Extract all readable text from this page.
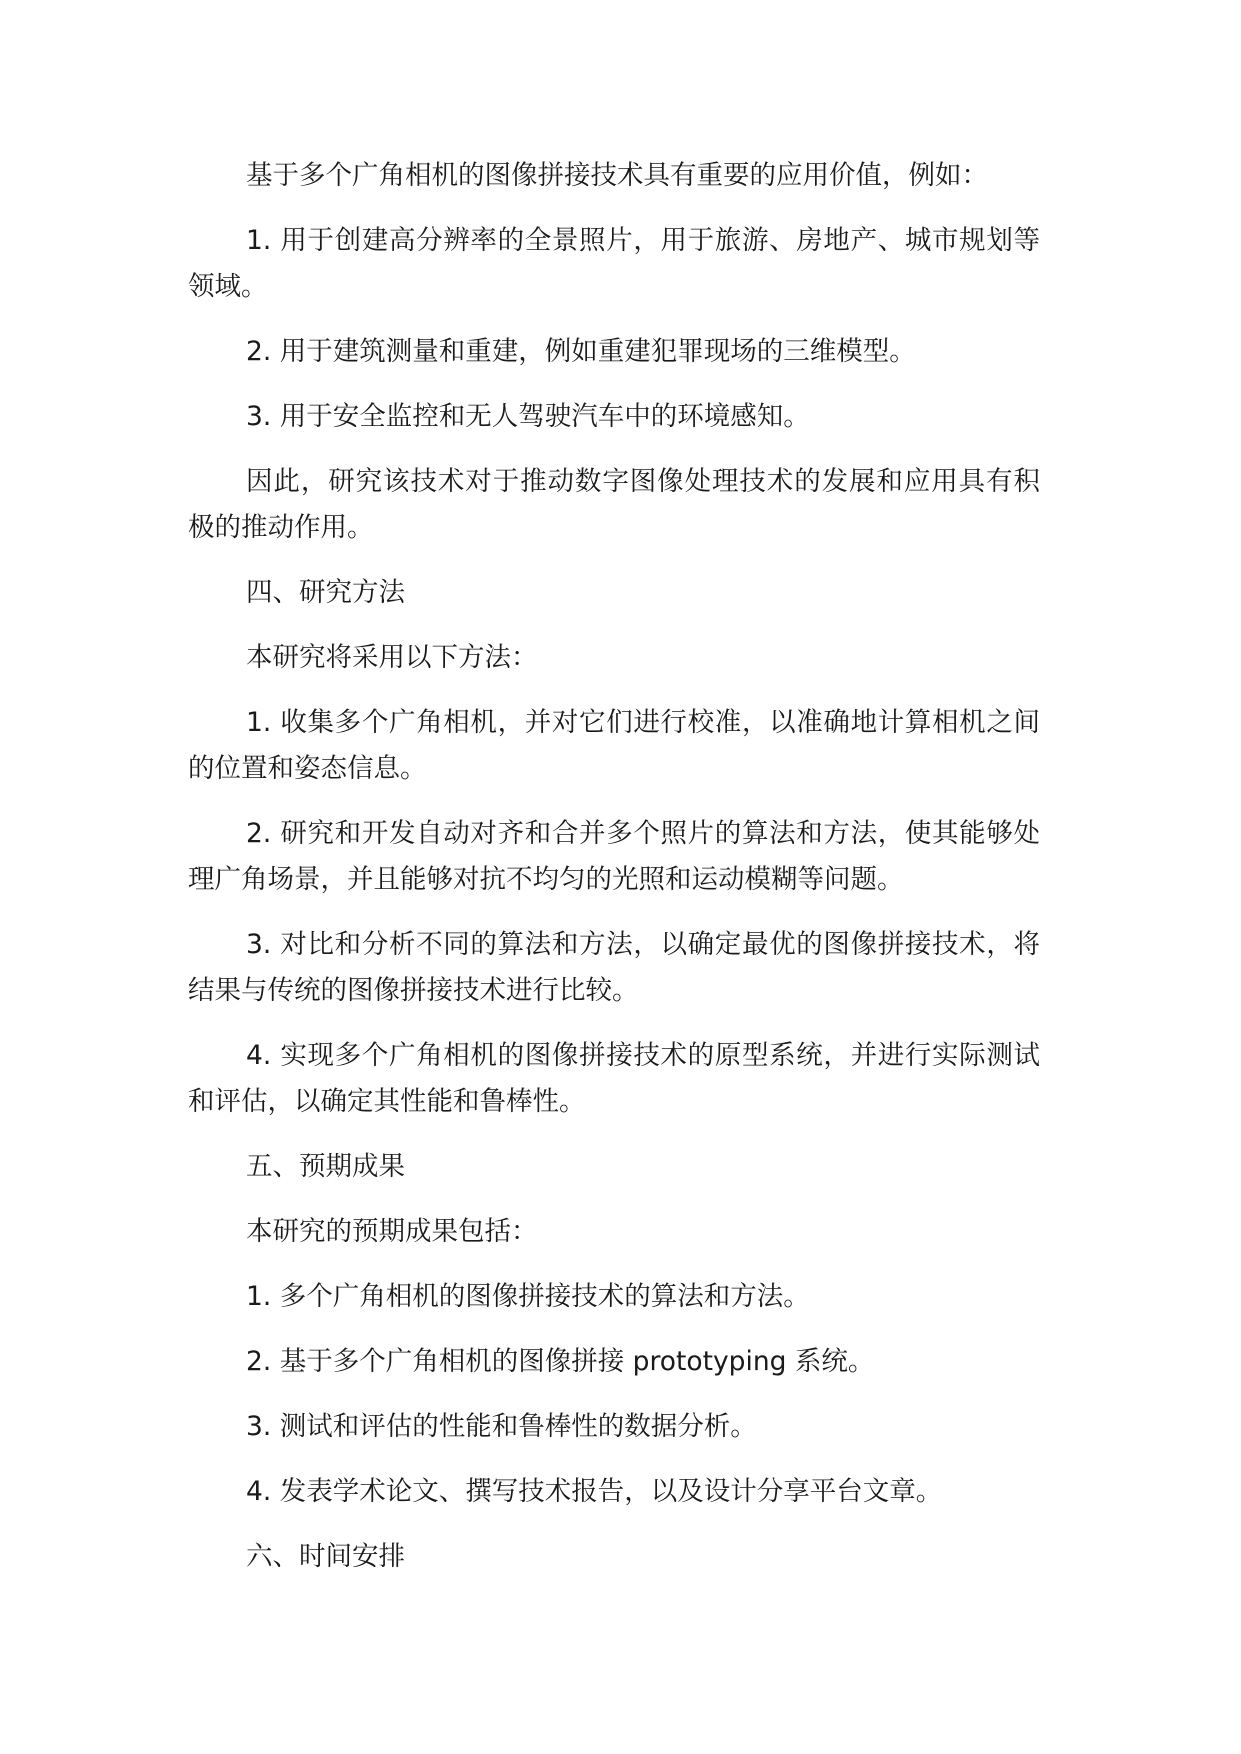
基于多个广角相机的图像拼接技术具有重要的应用价值，例如：

1. 用于创建高分辨率的全景照片，用于旅游、房地产、城市规划等领域。

2. 用于建筑测量和重建，例如重建犯罪现场的三维模型。

3. 用于安全监控和无人驾驶汽车中的环境感知。

因此，研究该技术对于推动数字图像处理技术的发展和应用具有积极的推动作用。

四、研究方法

本研究将采用以下方法：

1. 收集多个广角相机，并对它们进行校准，以准确地计算相机之间的位置和姿态信息。

2. 研究和开发自动对齐和合并多个照片的算法和方法，使其能够处理广角场景，并且能够对抗不均匀的光照和运动模糊等问题。

3. 对比和分析不同的算法和方法，以确定最优的图像拼接技术，将结果与传统的图像拼接技术进行比较。

4. 实现多个广角相机的图像拼接技术的原型系统，并进行实际测试和评估，以确定其性能和鲁棒性。

五、预期成果

本研究的预期成果包括：

1. 多个广角相机的图像拼接技术的算法和方法。

2. 基于多个广角相机的图像拼接 prototyping 系统。

3. 测试和评估的性能和鲁棒性的数据分析。

4. 发表学术论文、撰写技术报告，以及设计分享平台文章。

六、时间安排
